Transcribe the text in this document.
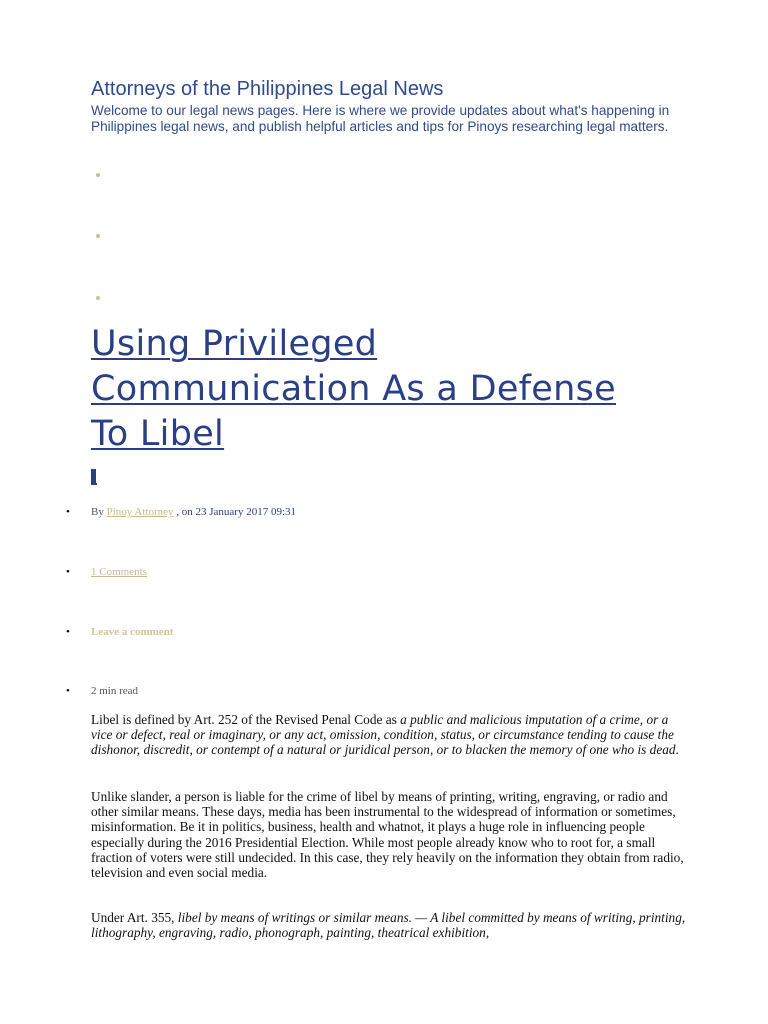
Attorneys of the Philippines Legal News

Welcome to our legal news pages. Here is where we provide updates about what's happening in Philippines legal news, and publish helpful articles and tips for Pinoys researching legal matters.

Using Privileged Communication As a Defense To Libel
• By Pinoy Attorney , on 23 January 2017 09:31
• 1 Comments
• Leave a comment
• 2 min read

Libel is defined by Art. 252 of the Revised Penal Code as a public and malicious imputation of a crime, or a vice or defect, real or imaginary, or any act, omission, condition, status, or circumstance tending to cause the dishonor, discredit, or contempt of a natural or juridical person, or to blacken the memory of one who is dead.

Unlike slander, a person is liable for the crime of libel by means of printing, writing, engraving, or radio and other similar means. These days, media has been instrumental to the widespread of information or sometimes, misinformation. Be it in politics, business, health and whatnot, it plays a huge role in influencing people especially during the 2016 Presidential Election. While most people already know who to root for, a small fraction of voters were still undecided. In this case, they rely heavily on the information they obtain from radio, television and even social media.

Under Art. 355, libel by means of writings or similar means. — A libel committed by means of writing, printing, lithography, engraving, radio, phonograph, painting, theatrical exhibition,
